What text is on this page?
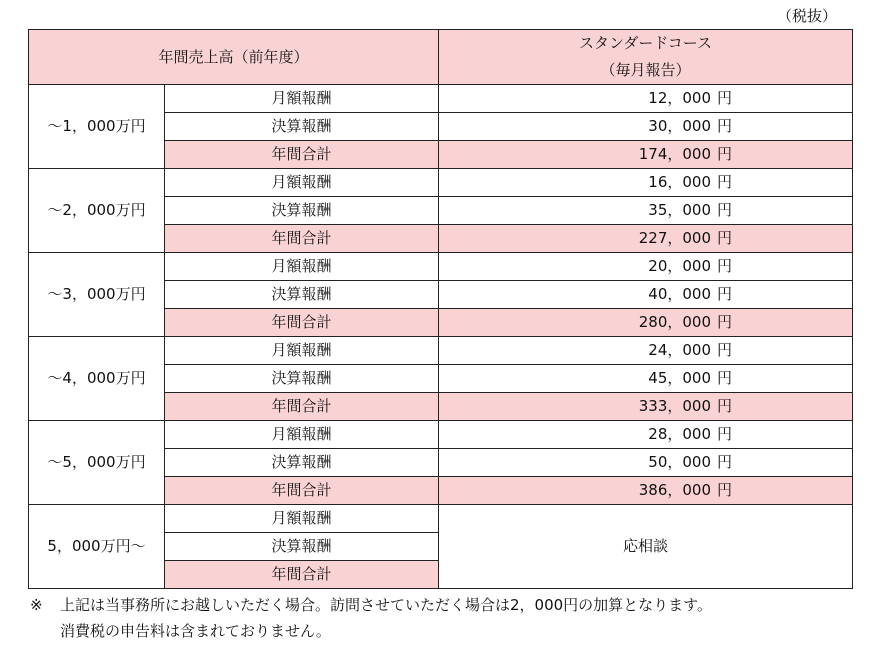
（税抜）
年間売上高（前年度）		スタンダードコース
（毎月報告）

～1，000万円	月額報酬	12，000 円
	決算報酬	30，000 円
	年間合計	174，000 円
～2，000万円	月額報酬	16，000 円
	決算報酬	35，000 円
	年間合計	227，000 円
～3，000万円	月額報酬	20，000 円
	決算報酬	40，000 円
	年間合計	280，000 円
～4，000万円	月額報酬	24，000 円
	決算報酬	45，000 円
	年間合計	333，000 円
～5，000万円	月額報酬	28，000 円
	決算報酬	50，000 円
	年間合計	386，000 円
5，000万円～	月額報酬	応相談
	決算報酬	
	年間合計	
※ 上記は当事務所にお越しいただく場合。訪問させていただく場合は2，000円の加算となります。
消費税の申告料は含まれておりません。
